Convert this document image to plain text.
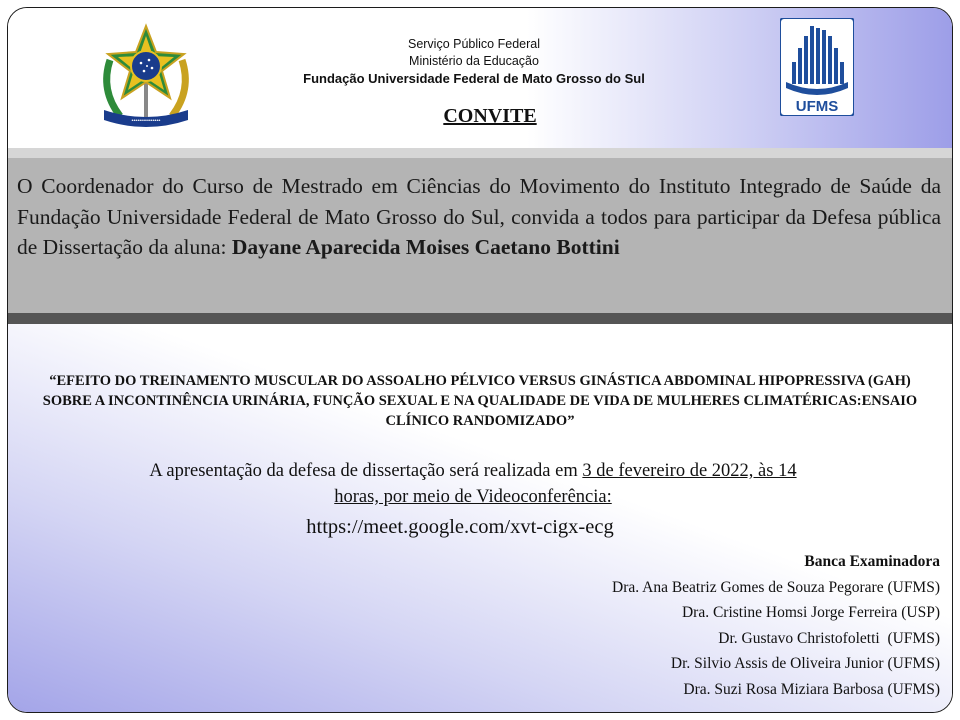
•••••••••••••••
Serviço Público Federal
Ministério da Educação
Fundação Universidade Federal de Mato Grosso do Sul
CONVITE	UFMS
O Coordenador do Curso de Mestrado em Ciências do Movimento do Instituto Integrado de Saúde da Fundação Universidade Federal de Mato Grosso do Sul, convida a todos para participar da Defesa pública de Dissertação da aluna: Dayane Aparecida Moises Caetano Bottini
“EFEITO DO TREINAMENTO MUSCULAR DO ASSOALHO PÉLVICO VERSUS GINÁSTICA ABDOMINAL HIPOPRESSIVA (GAH) SOBRE A INCONTINÊNCIA URINÁRIA, FUNÇÃO SEXUAL E NA QUALIDADE DE VIDA DE MULHERES CLIMATÉRICAS:ENSAIO CLÍNICO RANDOMIZADO”
A apresentação da defesa de dissertação será realizada em 3 de fevereiro de 2022, às 14
horas, por meio de Videoconferência:
https://meet.google.com/xvt-cigx-ecg
Banca Examinadora
Dra. Ana Beatriz Gomes de Souza Pegorare (UFMS)
Dra. Cristine Homsi Jorge Ferreira (USP)
Dr. Gustavo Christofoletti  (UFMS)
Dr. Silvio Assis de Oliveira Junior (UFMS)
Dra. Suzi Rosa Miziara Barbosa (UFMS)
